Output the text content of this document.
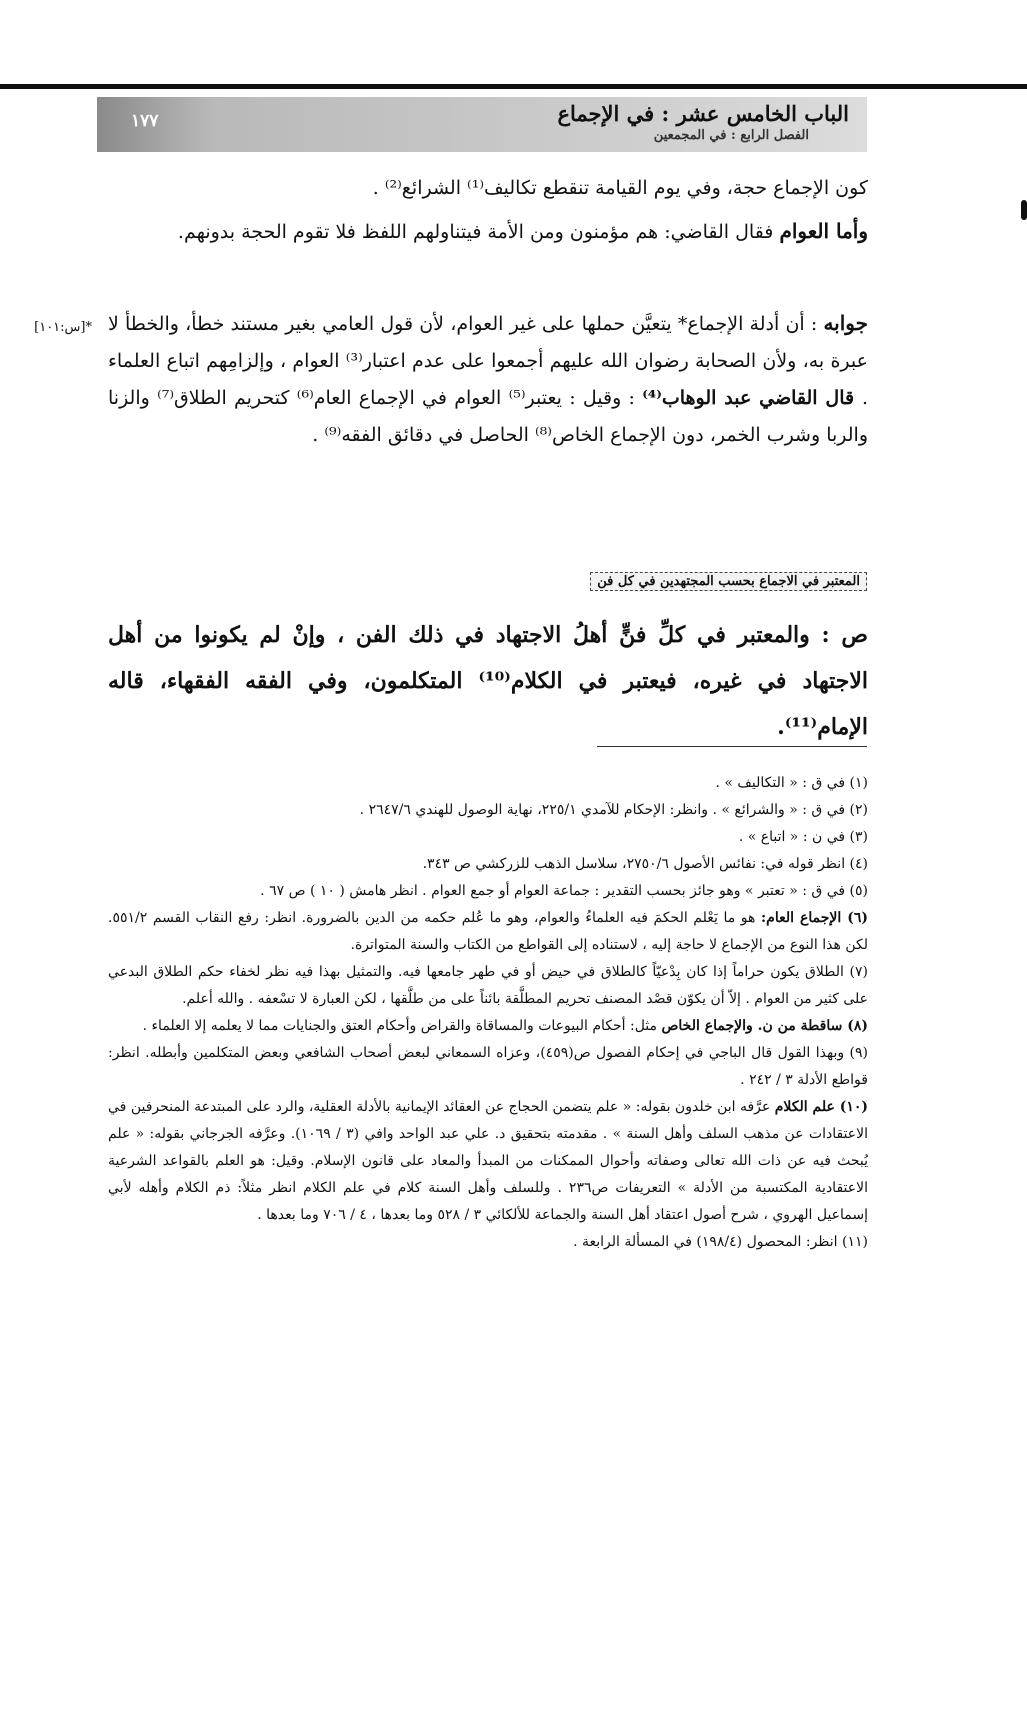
الباب الخامس عشر : في الإجماع
الفصل الرابع : في المجمعين
١٧٧
كون الإجماع حجة، وفي يوم القيامة تنقطع تكاليف⁽¹⁾ الشرائع⁽²⁾ .
وأما العوام فقال القاضي: هم مؤمنون ومن الأمة فيتناولهم اللفظ فلا تقوم الحجة بدونهم.
*[س:١٠١]	جوابه : أن أدلة الإجماع* يتعيَّن حملها على غير العوام، لأن قول العامي بغير مستند خطأ، والخطأ لا عبرة به، ولأن الصحابة رضوان الله عليهم أجمعوا على عدم اعتبار⁽³⁾ العوام ، وإلزامِهم اتباع العلماء . قال القاضي عبد الوهاب⁽⁴⁾ : وقيل : يعتبر⁽⁵⁾ العوام في الإجماع العام⁽⁶⁾ كتحريم الطلاق⁽⁷⁾ والزنا والربا وشرب الخمر، دون الإجماع الخاص⁽⁸⁾ الحاصل في دقائق الفقه⁽⁹⁾ .
المعتبر في الاجماع بحسب المجتهدين في كل فن
ص : والمعتبر في كلِّ فنٍّ أهلُ الاجتهاد في ذلك الفن ، وإنْ لم يكونوا من أهل الاجتهاد في غيره، فيعتبر في الكلام⁽¹⁰⁾ المتكلمون، وفي الفقه الفقهاء، قاله الإمام⁽¹¹⁾.
(١) في ق : « التكاليف » .
(٢) في ق : « والشرائع » . وانظر: الإحكام للآمدي ٢٢٥/١، نهاية الوصول للهندي ٢٦٤٧/٦ .
(٣) في ن : « اتباع » .
(٤) انظر قوله في: نفائس الأصول ٢٧٥٠/٦، سلاسل الذهب للزركشي ص ٣٤٣.
(٥) في ق : « تعتبر » وهو جائز بحسب التقدير : جماعة العوام أو جمع العوام . انظر هامش ( ١٠ ) ص ٦٧ .
(٦) الإجماع العام: هو ما يَعْلم الحكمَ فيه العلماءُ والعوام، وهو ما عُلم حكمه من الدين بالضرورة. انظر: رفع النقاب القسم ٥٥١/٢. لكن هذا النوع من الإجماع لا حاجة إليه ، لاستناده إلى القواطع من الكتاب والسنة المتواترة.
(٧) الطلاق يكون حراماً إذا كان بِدْعيّاً كالطلاق في حيض أو في طهر جامعها فيه. والتمثيل بهذا فيه نظر لخفاء حكم الطلاق البدعي على كثير من العوام . إلاّ أن يكوّن قصْد المصنف تحريم المطلَّقة بائناً على من طلَّقها ، لكن العبارة لا تسْعفه . والله أعلم.
(٨) ساقطة من ن. والإجماع الخاص مثل: أحكام البيوعات والمساقاة والقراض وأحكام العتق والجنايات مما لا يعلمه إلا العلماء .
(٩) وبهذا القول قال الباجي في إحكام الفصول ص(٤٥٩)، وعزاه السمعاني لبعض أصحاب الشافعي وبعض المتكلمين وأبطله. انظر: قواطع الأدلة ٣ / ٢٤٢ .
(١٠) علم الكلام عرَّفه ابن خلدون بقوله: « علم يتضمن الحجاج عن العقائد الإيمانية بالأدلة العقلية، والرد على المبتدعة المنحرفين في الاعتقادات عن مذهب السلف وأهل السنة » . مقدمته بتحقيق د. علي عبد الواحد وافي (٣ / ١٠٦٩). وعرَّفه الجرجاني بقوله: « علم يُبحث فيه عن ذات الله تعالى وصفاته وأحوال الممكنات من المبدأ والمعاد على قانون الإسلام. وقيل: هو العلم بالقواعد الشرعية الاعتقادية المكتسبة من الأدلة » التعريفات ص٢٣٦ . وللسلف وأهل السنة كلام في علم الكلام انظر مثلاً: ذم الكلام وأهله لأبي إسماعيل الهروي ، شرح أصول اعتقاد أهل السنة والجماعة للألكائي ٣ / ٥٢٨ وما بعدها ، ٤ / ٧٠٦ وما بعدها .
(١١) انظر: المحصول (١٩٨/٤) في المسألة الرابعة .
